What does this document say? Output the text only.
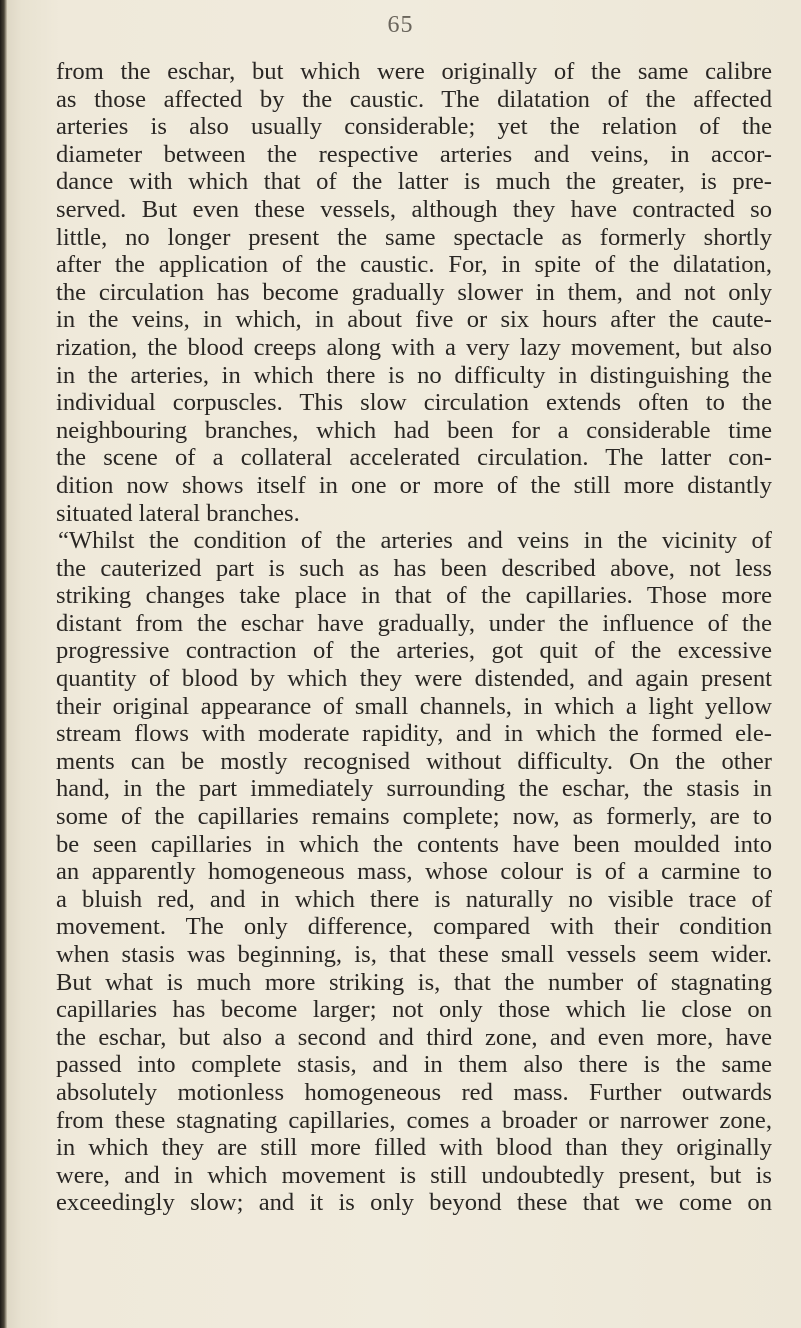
65
from the eschar, but which were originally of the same calibre
as those affected by the caustic. The dilatation of the affected
arteries is also usually considerable; yet the relation of the
diameter between the respective arteries and veins, in accor-
dance with which that of the latter is much the greater, is pre-
served. But even these vessels, although they have contracted so
little, no longer present the same spectacle as formerly shortly
after the application of the caustic. For, in spite of the dilatation,
the circulation has become gradually slower in them, and not only
in the veins, in which, in about five or six hours after the caute-
rization, the blood creeps along with a very lazy movement, but also
in the arteries, in which there is no difficulty in distinguishing the
individual corpuscles. This slow circulation extends often to the
neighbouring branches, which had been for a considerable time
the scene of a collateral accelerated circulation. The latter con-
dition now shows itself in one or more of the still more distantly
situated lateral branches.
“Whilst the condition of the arteries and veins in the vicinity of
the cauterized part is such as has been described above, not less
striking changes take place in that of the capillaries. Those more
distant from the eschar have gradually, under the influence of the
progressive contraction of the arteries, got quit of the excessive
quantity of blood by which they were distended, and again present
their original appearance of small channels, in which a light yellow
stream flows with moderate rapidity, and in which the formed ele-
ments can be mostly recognised without difficulty. On the other
hand, in the part immediately surrounding the eschar, the stasis in
some of the capillaries remains complete; now, as formerly, are to
be seen capillaries in which the contents have been moulded into
an apparently homogeneous mass, whose colour is of a carmine to
a bluish red, and in which there is naturally no visible trace of
movement. The only difference, compared with their condition
when stasis was beginning, is, that these small vessels seem wider.
But what is much more striking is, that the number of stagnating
capillaries has become larger; not only those which lie close on
the eschar, but also a second and third zone, and even more, have
passed into complete stasis, and in them also there is the same
absolutely motionless homogeneous red mass. Further outwards
from these stagnating capillaries, comes a broader or narrower zone,
in which they are still more filled with blood than they originally
were, and in which movement is still undoubtedly present, but is
exceedingly slow; and it is only beyond these that we come on
